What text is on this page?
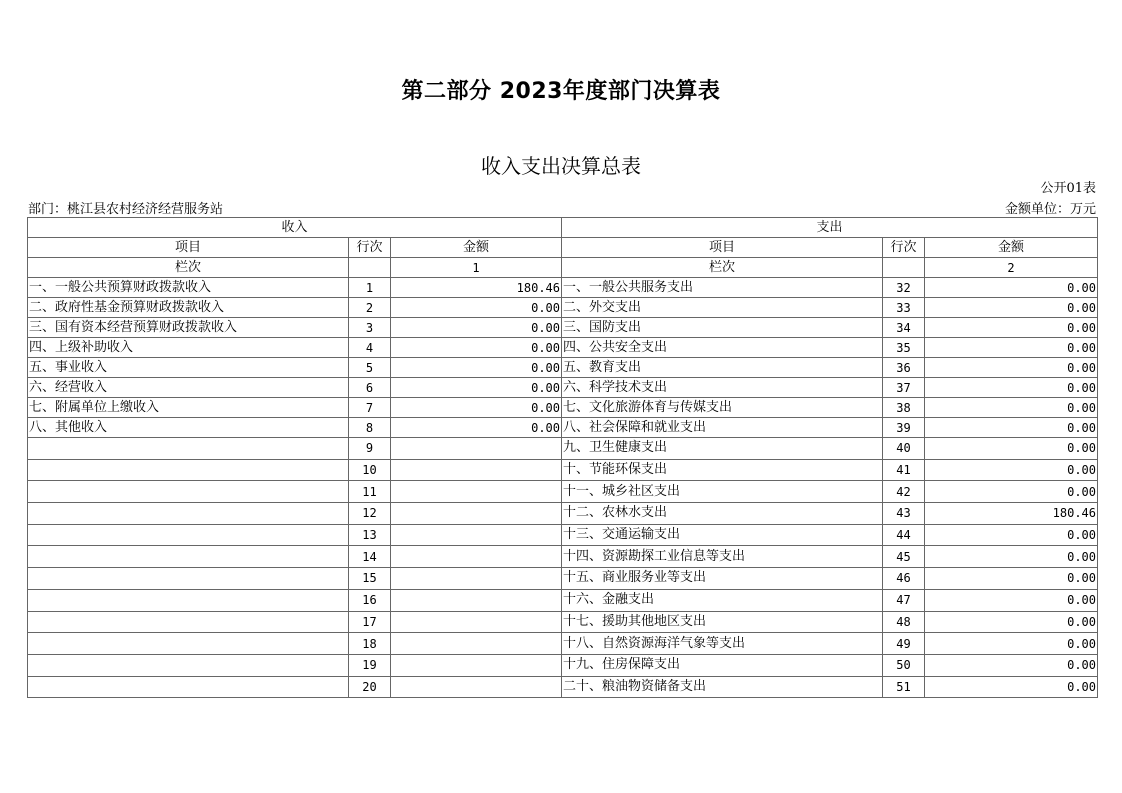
第二部分 2023年度部门决算表
收入支出决算总表
公开01表
部门：桃江县农村经济经营服务站	金额单位：万元
收入			支出		
项目	行次	金额	项目	行次	金额
栏次		1	栏次		2
一、一般公共预算财政拨款收入	1	180.46	一、一般公共服务支出	32	0.00
二、政府性基金预算财政拨款收入	2	0.00	二、外交支出	33	0.00
三、国有资本经营预算财政拨款收入	3	0.00	三、国防支出	34	0.00
四、上级补助收入	4	0.00	四、公共安全支出	35	0.00
五、事业收入	5	0.00	五、教育支出	36	0.00
六、经营收入	6	0.00	六、科学技术支出	37	0.00
七、附属单位上缴收入	7	0.00	七、文化旅游体育与传媒支出	38	0.00
八、其他收入	8	0.00	八、社会保障和就业支出	39	0.00
	9		九、卫生健康支出	40	0.00
	10		十、节能环保支出	41	0.00
	11		十一、城乡社区支出	42	0.00
	12		十二、农林水支出	43	180.46
	13		十三、交通运输支出	44	0.00
	14		十四、资源勘探工业信息等支出	45	0.00
	15		十五、商业服务业等支出	46	0.00
	16		十六、金融支出	47	0.00
	17		十七、援助其他地区支出	48	0.00
	18		十八、自然资源海洋气象等支出	49	0.00
	19		十九、住房保障支出	50	0.00
	20		二十、粮油物资储备支出	51	0.00
